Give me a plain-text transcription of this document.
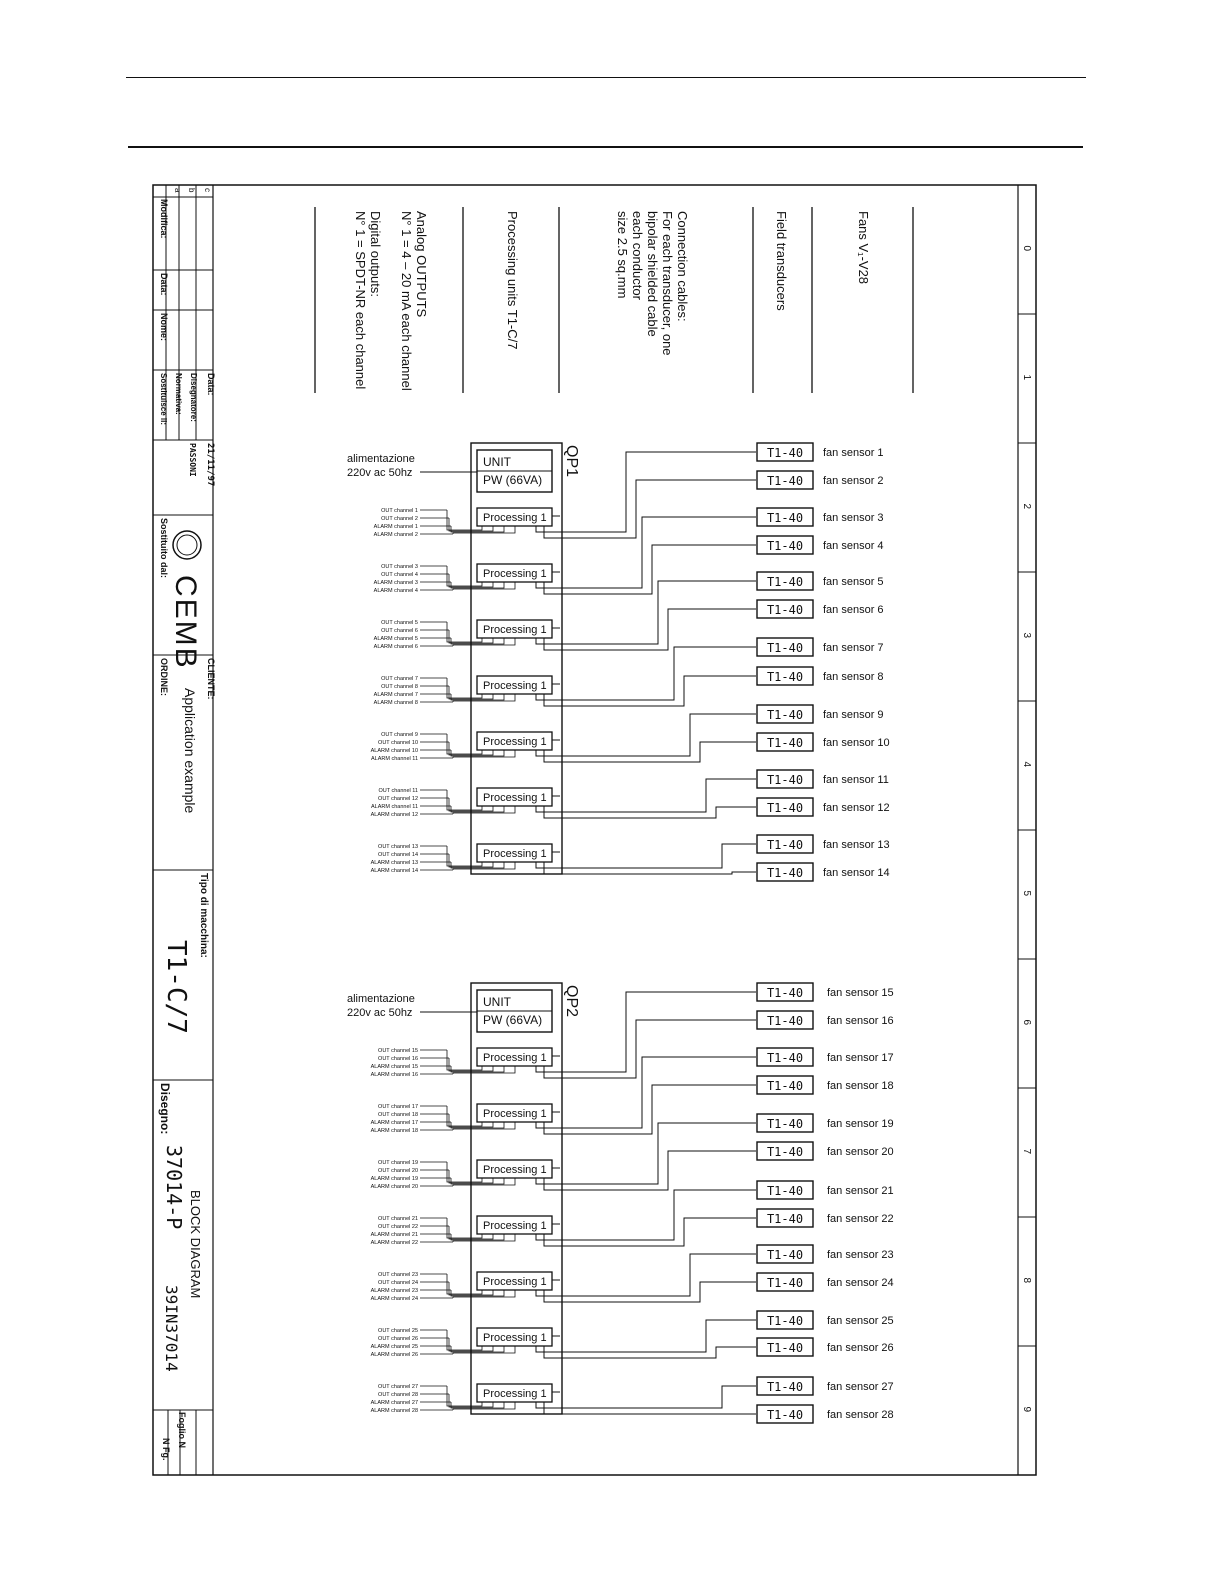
0
1
2
3
4
5
6
7
8
9
c
b
a
Modifica:
Data:
Nome:
Data:
Disegnatore:
Normativa:
Sostituisce il:
21/11/97
PASSONI
Sostituito dal:
CEMB
CLIENTE:
Application example
ORDINE:
Tipo di macchina:
T1-C/7
Disegno:
37014-P
BLOCK DIAGRAM
39IN37014
Foglio N
N Fg.
Fans V₁-V28
Field transducers
Connection cables:
For each transducer, one
bipolar shielded cable
each conductor
size 2.5 sq.mm
Processing units T1-C/7
Analog OUTPUTS
N° 1 = 4 – 20 mA each channel
Digital outputs:
N° 1 = SPDT-NR each channel
QP1
UNIT
PW (66VA)
alimentazione
220v ac 50hz
Processing 1
OUT channel 1
OUT channel 2
ALARM channel 1
ALARM channel 2
Processing 1
OUT channel 3
OUT channel 4
ALARM channel 3
ALARM channel 4
Processing 1
OUT channel 5
OUT channel 6
ALARM channel 5
ALARM channel 6
Processing 1
OUT channel 7
OUT channel 8
ALARM channel 7
ALARM channel 8
Processing 1
OUT channel 9
OUT channel 10
ALARM channel 10
ALARM channel 11
Processing 1
OUT channel 11
OUT channel 12
ALARM channel 11
ALARM channel 12
Processing 1
OUT channel 13
OUT channel 14
ALARM channel 13
ALARM channel 14
T1-40 fan sensor 1
T1-40 fan sensor 2
T1-40 fan sensor 3
T1-40 fan sensor 4
T1-40 fan sensor 5
T1-40 fan sensor 6
T1-40 fan sensor 7
T1-40 fan sensor 8
T1-40 fan sensor 9
T1-40 fan sensor 10
T1-40 fan sensor 11
T1-40 fan sensor 12
T1-40 fan sensor 13
T1-40 fan sensor 14
QP2
UNIT
PW (66VA)
alimentazione
220v ac 50hz
Processing 1
OUT channel 15
OUT channel 16
ALARM channel 15
ALARM channel 16
Processing 1
OUT channel 17
OUT channel 18
ALARM channel 17
ALARM channel 18
Processing 1
OUT channel 19
OUT channel 20
ALARM channel 19
ALARM channel 20
Processing 1
OUT channel 21
OUT channel 22
ALARM channel 21
ALARM channel 22
Processing 1
OUT channel 23
OUT channel 24
ALARM channel 23
ALARM channel 24
Processing 1
OUT channel 25
OUT channel 26
ALARM channel 25
ALARM channel 26
Processing 1
OUT channel 27
OUT channel 28
ALARM channel 27
ALARM channel 28
T1-40 fan sensor 15
T1-40 fan sensor 16
T1-40 fan sensor 17
T1-40 fan sensor 18
T1-40 fan sensor 19
T1-40 fan sensor 20
T1-40 fan sensor 21
T1-40 fan sensor 22
T1-40 fan sensor 23
T1-40 fan sensor 24
T1-40 fan sensor 25
T1-40 fan sensor 26
T1-40 fan sensor 27
T1-40 fan sensor 28
